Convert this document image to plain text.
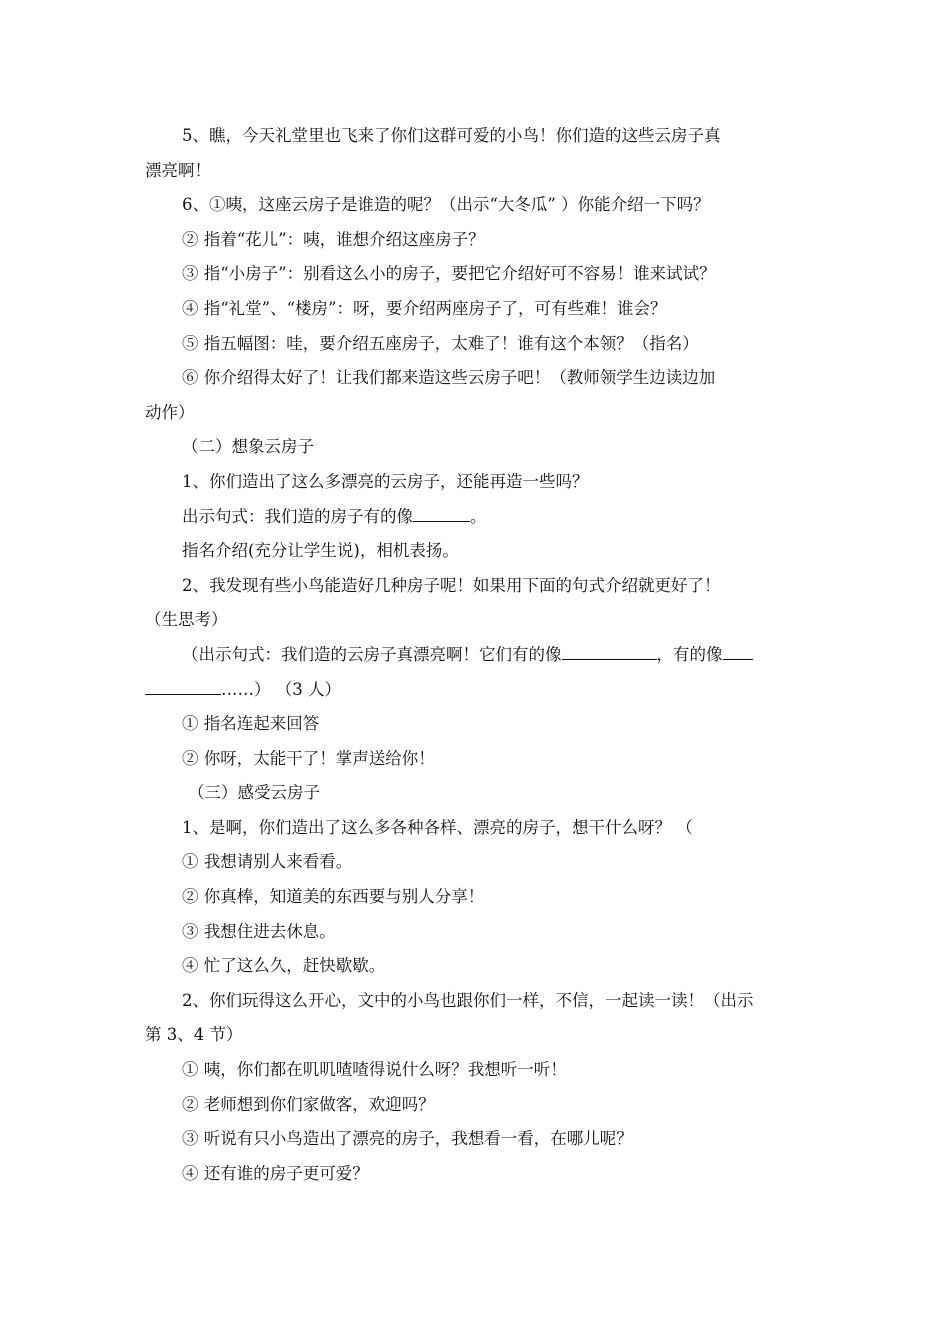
5、瞧，今天礼堂里也飞来了你们这群可爱的小鸟！你们造的这些云房子真
漂亮啊！
6、①咦，这座云房子是谁造的呢？（出示“大冬瓜” ）你能介绍一下吗？
② 指着“花儿”：咦，谁想介绍这座房子？
③ 指“小房子”：别看这么小的房子，要把它介绍好可不容易！谁来试试？
④ 指“礼堂”、“楼房”：呀，要介绍两座房子了，可有些难！谁会？
⑤ 指五幅图：哇，要介绍五座房子，太难了！谁有这个本领？（指名）
⑥ 你介绍得太好了！让我们都来造这些云房子吧！（教师领学生边读边加
动作）
（二）想象云房子
1、你们造出了这么多漂亮的云房子，还能再造一些吗？
出示句式：我们造的房子有的像	。
指名介绍(充分让学生说)，相机表扬。
2、我发现有些小鸟能造好几种房子呢！如果用下面的句式介绍就更好了！
（生思考）
（出示句式：我们造的云房子真漂亮啊！它们有的像	，有的像
……） （3 人）
① 指名连起来回答
② 你呀，太能干了！掌声送给你！
（三）感受云房子
1、是啊，你们造出了这么多各种各样、漂亮的房子，想干什么呀？ （
① 我想请别人来看看。
② 你真棒，知道美的东西要与别人分享！
③ 我想住进去休息。
④ 忙了这么久，赶快歇歇。
2、你们玩得这么开心，文中的小鸟也跟你们一样，不信，一起读一读！（出示
第 3、4 节）
① 咦，你们都在叽叽喳喳得说什么呀？我想听一听！
② 老师想到你们家做客，欢迎吗？
③ 听说有只小鸟造出了漂亮的房子，我想看一看，在哪儿呢？
④ 还有谁的房子更可爱？
